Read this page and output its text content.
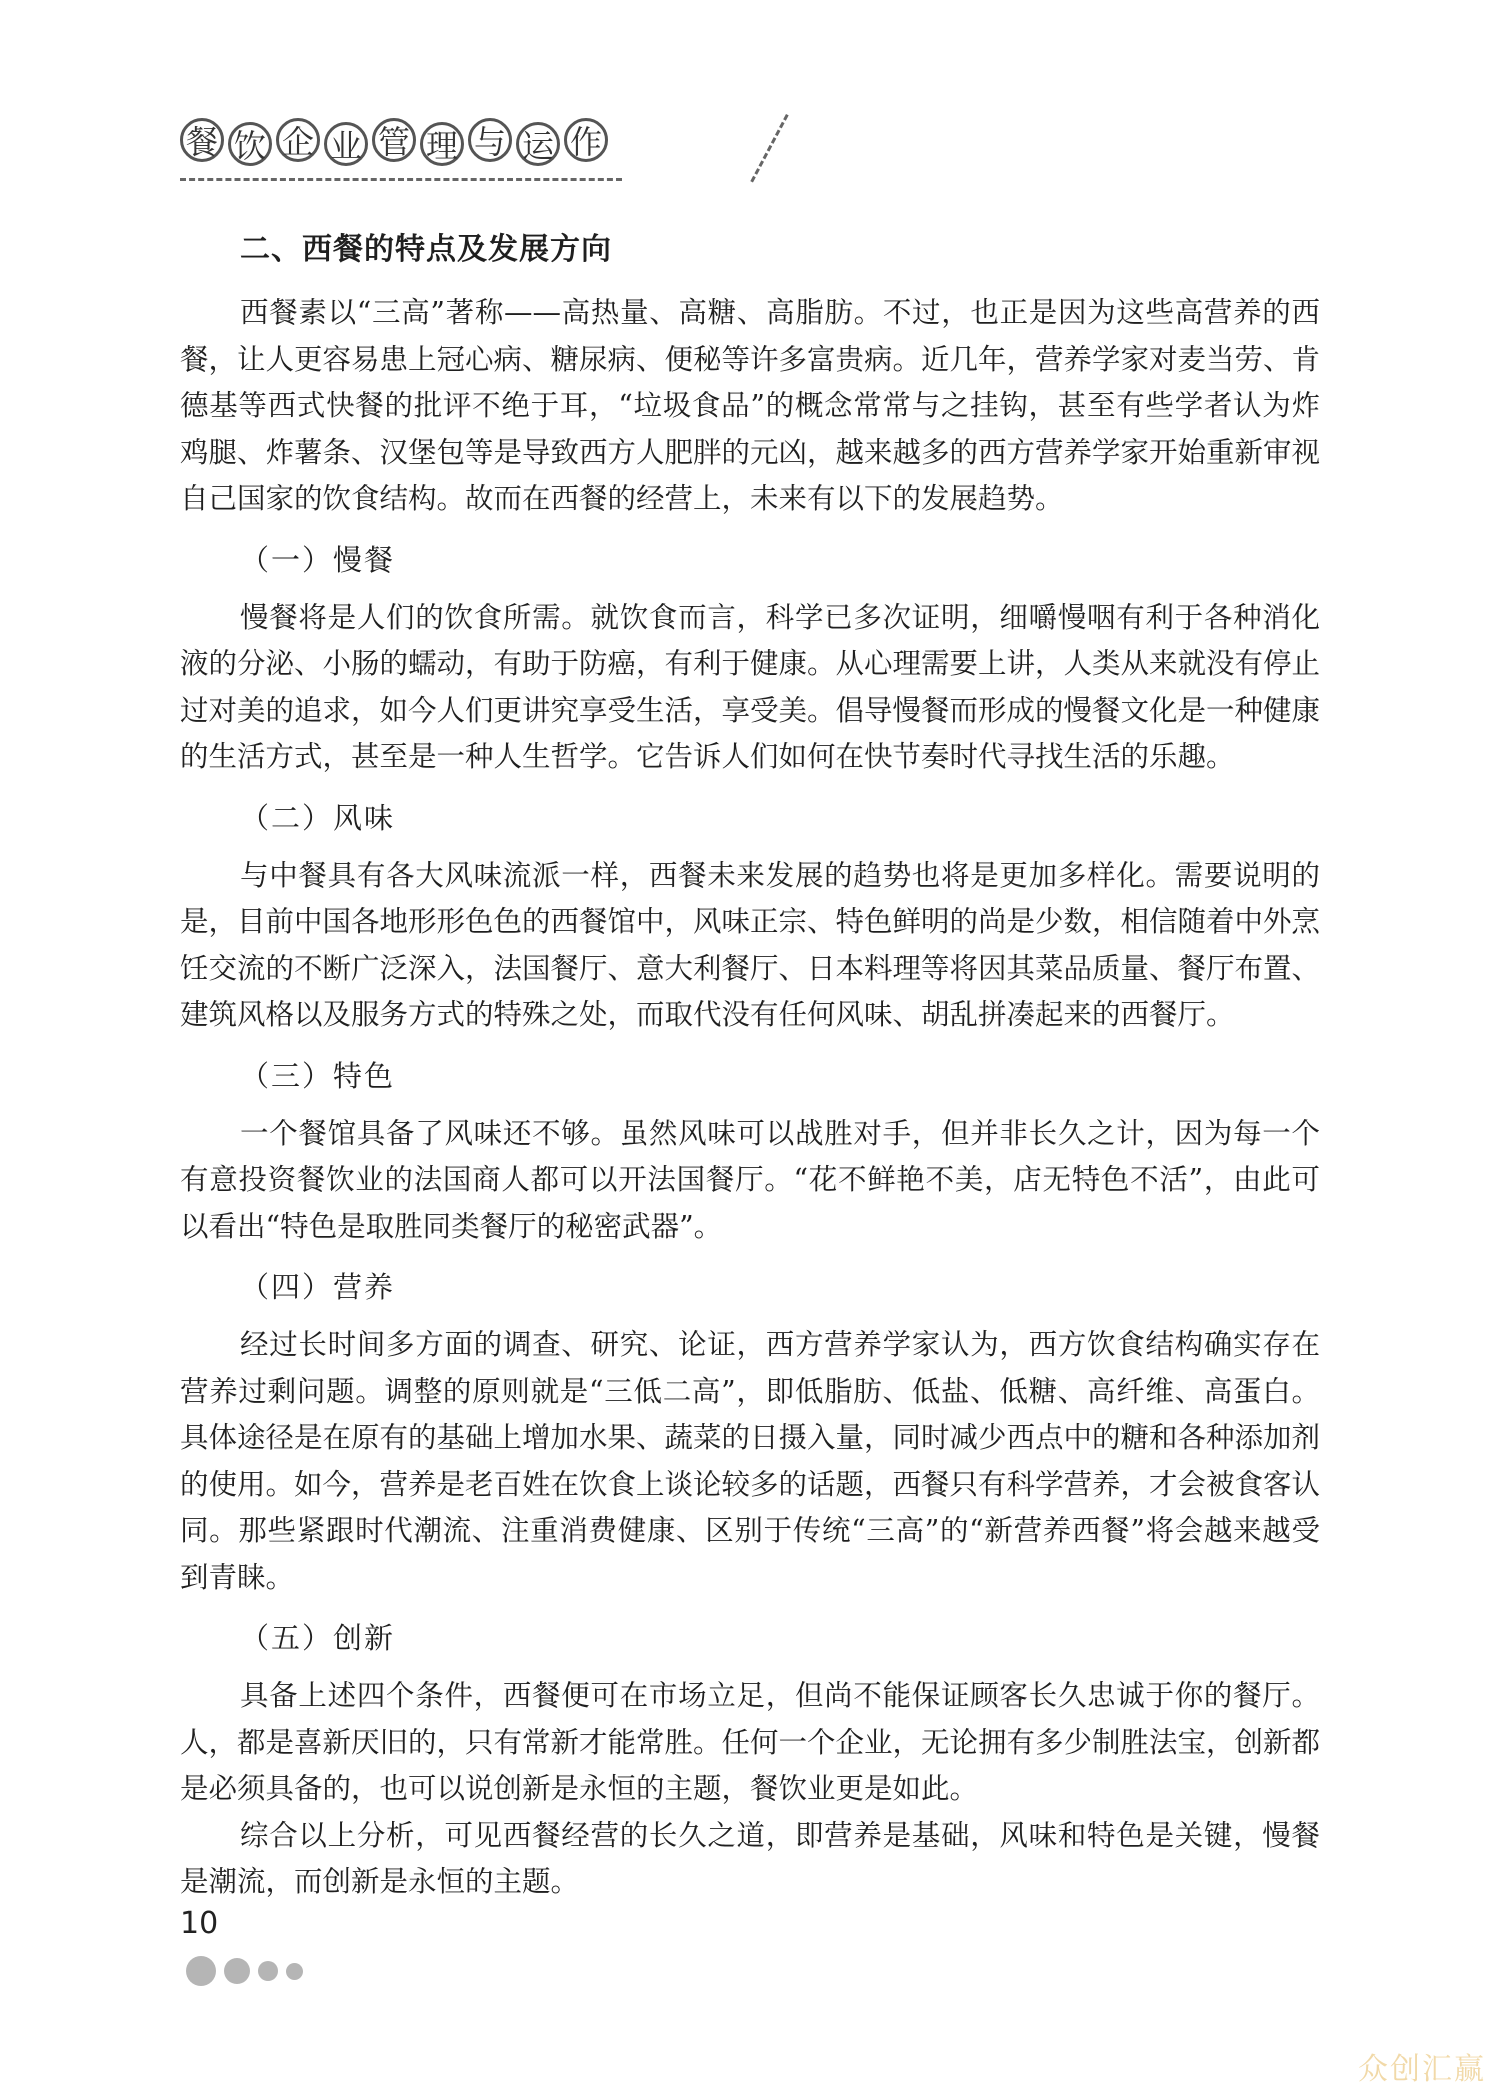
餐 饮 企 业 管 理 与 运 作
二、西餐的特点及发展方向

西餐素以“三高”著称——高热量、高糖、高脂肪。不过，也正是因为这些高营养的西餐，让人更容易患上冠心病、糖尿病、便秘等许多富贵病。近几年，营养学家对麦当劳、肯德基等西式快餐的批评不绝于耳，“垃圾食品”的概念常常与之挂钩，甚至有些学者认为炸鸡腿、炸薯条、汉堡包等是导致西方人肥胖的元凶，越来越多的西方营养学家开始重新审视自己国家的饮食结构。故而在西餐的经营上，未来有以下的发展趋势。

（一）慢餐

慢餐将是人们的饮食所需。就饮食而言，科学已多次证明，细嚼慢咽有利于各种消化液的分泌、小肠的蠕动，有助于防癌，有利于健康。从心理需要上讲，人类从来就没有停止过对美的追求，如今人们更讲究享受生活，享受美。倡导慢餐而形成的慢餐文化是一种健康的生活方式，甚至是一种人生哲学。它告诉人们如何在快节奏时代寻找生活的乐趣。

（二）风味

与中餐具有各大风味流派一样，西餐未来发展的趋势也将是更加多样化。需要说明的是，目前中国各地形形色色的西餐馆中，风味正宗、特色鲜明的尚是少数，相信随着中外烹饪交流的不断广泛深入，法国餐厅、意大利餐厅、日本料理等将因其菜品质量、餐厅布置、建筑风格以及服务方式的特殊之处，而取代没有任何风味、胡乱拼凑起来的西餐厅。

（三）特色

一个餐馆具备了风味还不够。虽然风味可以战胜对手，但并非长久之计，因为每一个有意投资餐饮业的法国商人都可以开法国餐厅。“花不鲜艳不美，店无特色不活”，由此可以看出“特色是取胜同类餐厅的秘密武器”。

（四）营养

经过长时间多方面的调查、研究、论证，西方营养学家认为，西方饮食结构确实存在营养过剩问题。调整的原则就是“三低二高”，即低脂肪、低盐、低糖、高纤维、高蛋白。具体途径是在原有的基础上增加水果、蔬菜的日摄入量，同时减少西点中的糖和各种添加剂的使用。如今，营养是老百姓在饮食上谈论较多的话题，西餐只有科学营养，才会被食客认同。那些紧跟时代潮流、注重消费健康、区别于传统“三高”的“新营养西餐”将会越来越受到青睐。

（五）创新

具备上述四个条件，西餐便可在市场立足，但尚不能保证顾客长久忠诚于你的餐厅。人，都是喜新厌旧的，只有常新才能常胜。任何一个企业，无论拥有多少制胜法宝，创新都是必须具备的，也可以说创新是永恒的主题，餐饮业更是如此。

综合以上分析，可见西餐经营的长久之道，即营养是基础，风味和特色是关键，慢餐是潮流，而创新是永恒的主题。

10
众创汇赢
